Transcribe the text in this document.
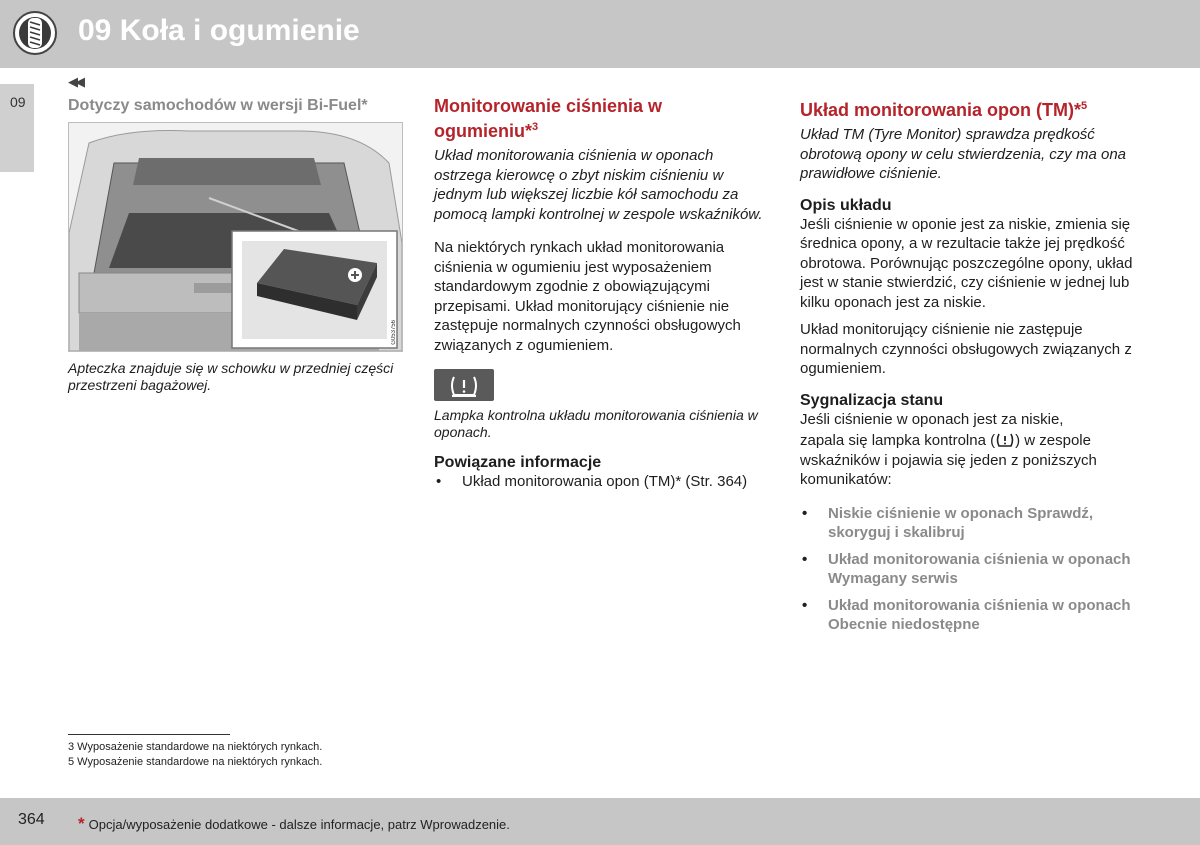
09 Koła i ogumienie
09
◀◀
Dotyczy samochodów w wersji Bi-Fuel*
G053756
Apteczka znajduje się w schowku w przedniej części przestrzeni bagażowej.
Monitorowanie ciśnienia w ogumieniu*$^3$

Układ monitorowania ciśnienia w oponach ostrzega kierowcę o zbyt niskim ciśnieniu w jednym lub większej liczbie kół samochodu za pomocą lampki kontrolnej w zespole wskaźników.

Na niektórych rynkach układ monitorowania ciśnienia w ogumieniu jest wyposażeniem standardowym zgodnie z obowiązującymi przepisami. Układ monitorujący ciśnienie nie zastępuje normalnych czynności obsługowych związanych z ogumieniem.

Lampka kontrolna układu monitorowania ciśnienia w oponach.
Powiązane informacje
• Układ monitorowania opon (TM)* (Str. 364)
Układ monitorowania opon (TM)*$^5$

Układ TM (Tyre Monitor) sprawdza prędkość obrotową opony w celu stwierdzenia, czy ma ona prawidłowe ciśnienie.

Opis układu

Jeśli ciśnienie w oponie jest za niskie, zmienia się średnica opony, a w rezultacie także jej prędkość obrotowa. Porównując poszczególne opony, układ jest w stanie stwierdzić, czy ciśnienie w jednej lub kilku oponach jest za niskie.

Układ monitorujący ciśnienie nie zastępuje normalnych czynności obsługowych związanych z ogumieniem.

Sygnalizacja stanu

Jeśli ciśnienie w oponach jest za niskie,

zapala się lampka kontrolna ( ) w zespole wskaźników i pojawia się jeden z poniższych komunikatów:

• Niskie ciśnienie w oponach Sprawdź, skoryguj i skalibruj
• Układ monitorowania ciśnienia w oponach Wymagany serwis
• Układ monitorowania ciśnienia w oponach Obecnie niedostępne
3 Wyposażenie standardowe na niektórych rynkach.
5 Wyposażenie standardowe na niektórych rynkach.
364 * Opcja/wyposażenie dodatkowe - dalsze informacje, patrz Wprowadzenie.
